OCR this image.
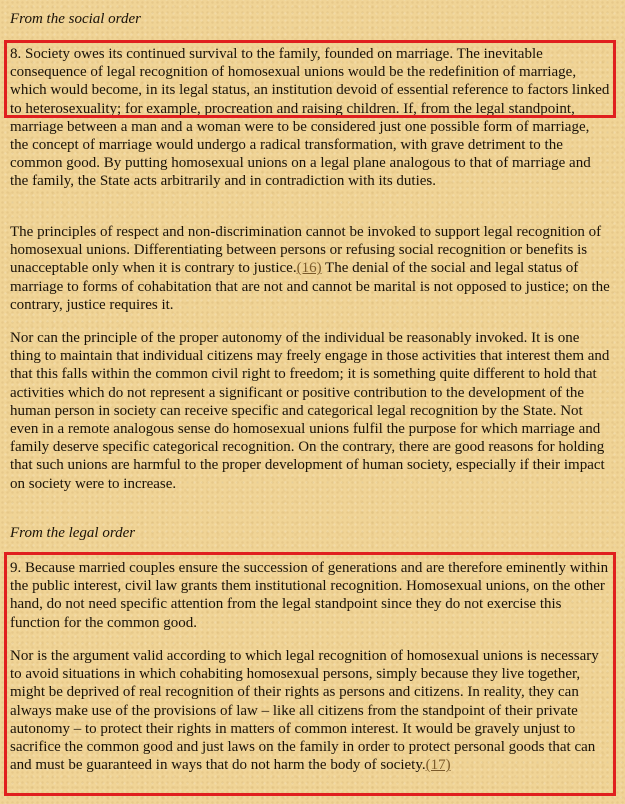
From the social order

8. Society owes its continued survival to the family, founded on marriage. The inevitable consequence of legal recognition of homosexual unions would be the redefinition of marriage, which would become, in its legal status, an institution devoid of essential reference to factors linked to heterosexuality; for example, procreation and raising children. If, from the legal standpoint, marriage between a man and a woman were to be considered just one possible form of marriage, the concept of marriage would undergo a radical transformation, with grave detriment to the common good. By putting homosexual unions on a legal plane analogous to that of marriage and the family, the State acts arbitrarily and in contradiction with its duties.

The principles of respect and non-discrimination cannot be invoked to support legal recognition of homosexual unions. Differentiating between persons or refusing social recognition or benefits is unacceptable only when it is contrary to justice.(16) The denial of the social and legal status of marriage to forms of cohabitation that are not and cannot be marital is not opposed to justice; on the contrary, justice requires it.

Nor can the principle of the proper autonomy of the individual be reasonably invoked. It is one thing to maintain that individual citizens may freely engage in those activities that interest them and that this falls within the common civil right to freedom; it is something quite different to hold that activities which do not represent a significant or positive contribution to the development of the human person in society can receive specific and categorical legal recognition by the State. Not even in a remote analogous sense do homosexual unions fulfil the purpose for which marriage and family deserve specific categorical recognition. On the contrary, there are good reasons for holding that such unions are harmful to the proper development of human society, especially if their impact on society were to increase.

From the legal order

9. Because married couples ensure the succession of generations and are therefore eminently within the public interest, civil law grants them institutional recognition. Homosexual unions, on the other hand, do not need specific attention from the legal standpoint since they do not exercise this function for the common good.

Nor is the argument valid according to which legal recognition of homosexual unions is necessary to avoid situations in which cohabiting homosexual persons, simply because they live together, might be deprived of real recognition of their rights as persons and citizens. In reality, they can always make use of the provisions of law – like all citizens from the standpoint of their private autonomy – to protect their rights in matters of common interest. It would be gravely unjust to sacrifice the common good and just laws on the family in order to protect personal goods that can and must be guaranteed in ways that do not harm the body of society.(17)
